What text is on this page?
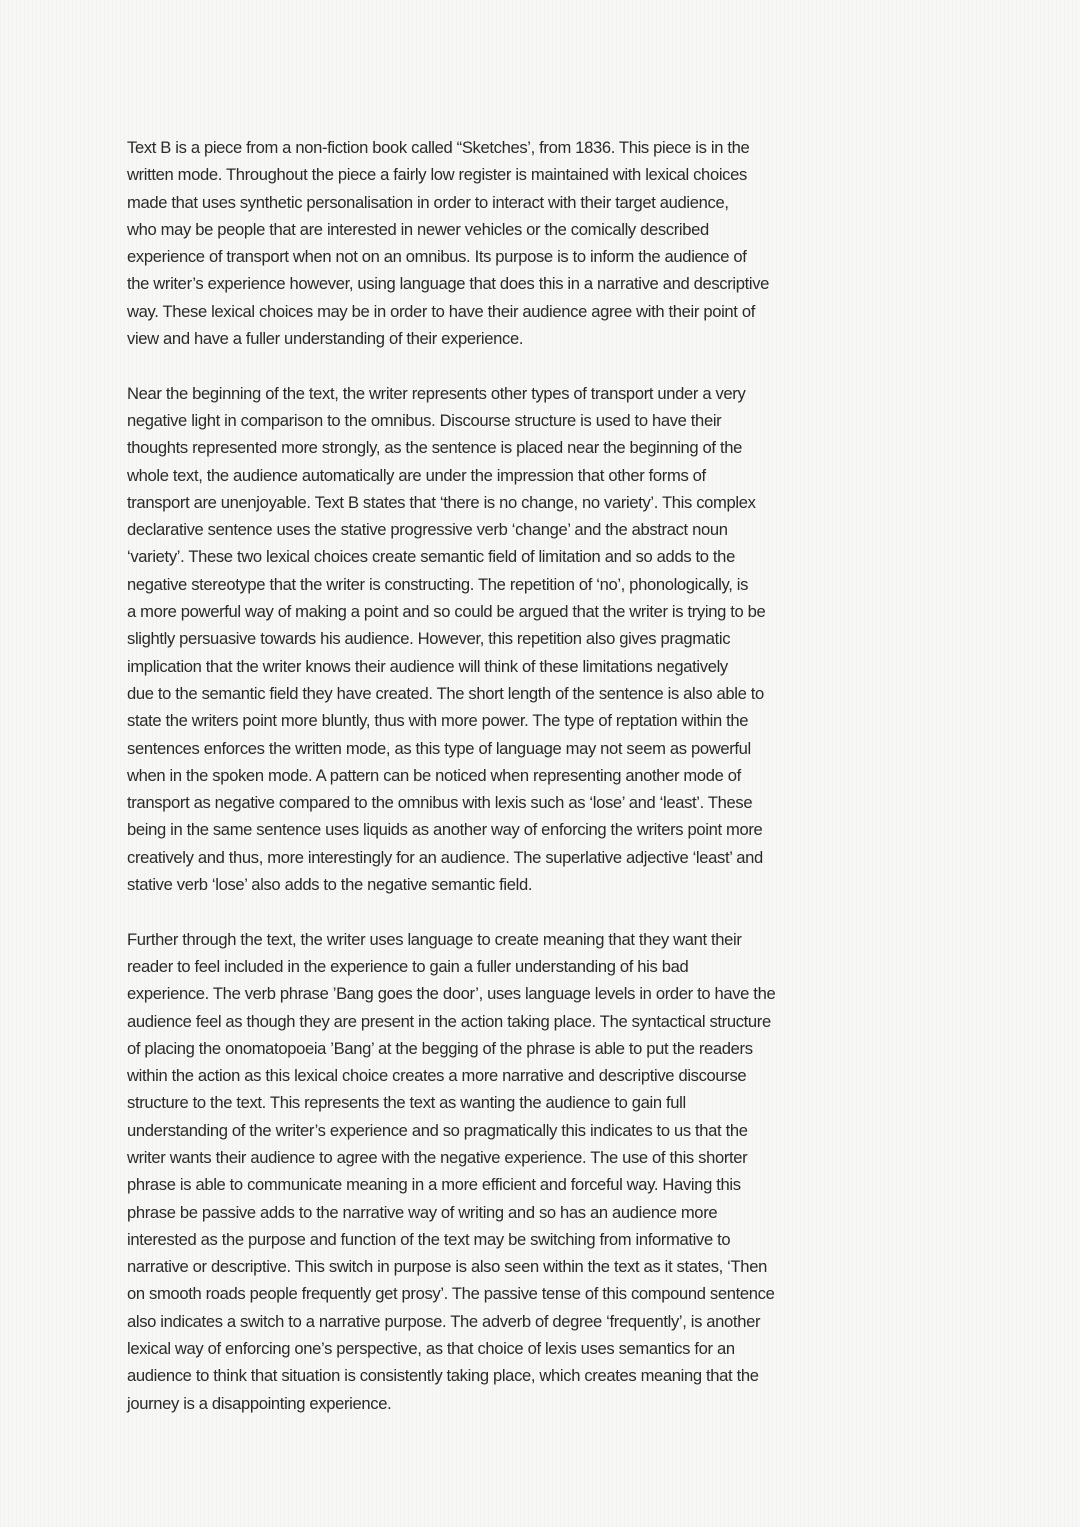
Text B is a piece from a non-fiction book called “Sketches’, from 1836. This piece is in the
written mode. Throughout the piece a fairly low register is maintained with lexical choices
made that uses synthetic personalisation in order to interact with their target audience,
who may be people that are interested in newer vehicles or the comically described
experience of transport when not on an omnibus. Its purpose is to inform the audience of
the writer’s experience however, using language that does this in a narrative and descriptive
way. These lexical choices may be in order to have their audience agree with their point of
view and have a fuller understanding of their experience.
Near the beginning of the text, the writer represents other types of transport under a very
negative light in comparison to the omnibus. Discourse structure is used to have their
thoughts represented more strongly, as the sentence is placed near the beginning of the
whole text, the audience automatically are under the impression that other forms of
transport are unenjoyable. Text B states that ‘there is no change, no variety’. This complex
declarative sentence uses the stative progressive verb ‘change’ and the abstract noun
‘variety’. These two lexical choices create semantic field of limitation and so adds to the
negative stereotype that the writer is constructing. The repetition of ‘no’, phonologically, is
a more powerful way of making a point and so could be argued that the writer is trying to be
slightly persuasive towards his audience. However, this repetition also gives pragmatic
implication that the writer knows their audience will think of these limitations negatively
due to the semantic field they have created. The short length of the sentence is also able to
state the writers point more bluntly, thus with more power. The type of reptation within the
sentences enforces the written mode, as this type of language may not seem as powerful
when in the spoken mode. A pattern can be noticed when representing another mode of
transport as negative compared to the omnibus with lexis such as ‘lose’ and ‘least’. These
being in the same sentence uses liquids as another way of enforcing the writers point more
creatively and thus, more interestingly for an audience. The superlative adjective ‘least’ and
stative verb ‘lose’ also adds to the negative semantic field.
Further through the text, the writer uses language to create meaning that they want their
reader to feel included in the experience to gain a fuller understanding of his bad
experience. The verb phrase ’Bang goes the door’, uses language levels in order to have the
audience feel as though they are present in the action taking place. The syntactical structure
of placing the onomatopoeia ’Bang’ at the begging of the phrase is able to put the readers
within the action as this lexical choice creates a more narrative and descriptive discourse
structure to the text. This represents the text as wanting the audience to gain full
understanding of the writer’s experience and so pragmatically this indicates to us that the
writer wants their audience to agree with the negative experience. The use of this shorter
phrase is able to communicate meaning in a more efficient and forceful way. Having this
phrase be passive adds to the narrative way of writing and so has an audience more
interested as the purpose and function of the text may be switching from informative to
narrative or descriptive. This switch in purpose is also seen within the text as it states, ‘Then
on smooth roads people frequently get prosy’. The passive tense of this compound sentence
also indicates a switch to a narrative purpose. The adverb of degree ‘frequently’, is another
lexical way of enforcing one’s perspective, as that choice of lexis uses semantics for an
audience to think that situation is consistently taking place, which creates meaning that the
journey is a disappointing experience.
